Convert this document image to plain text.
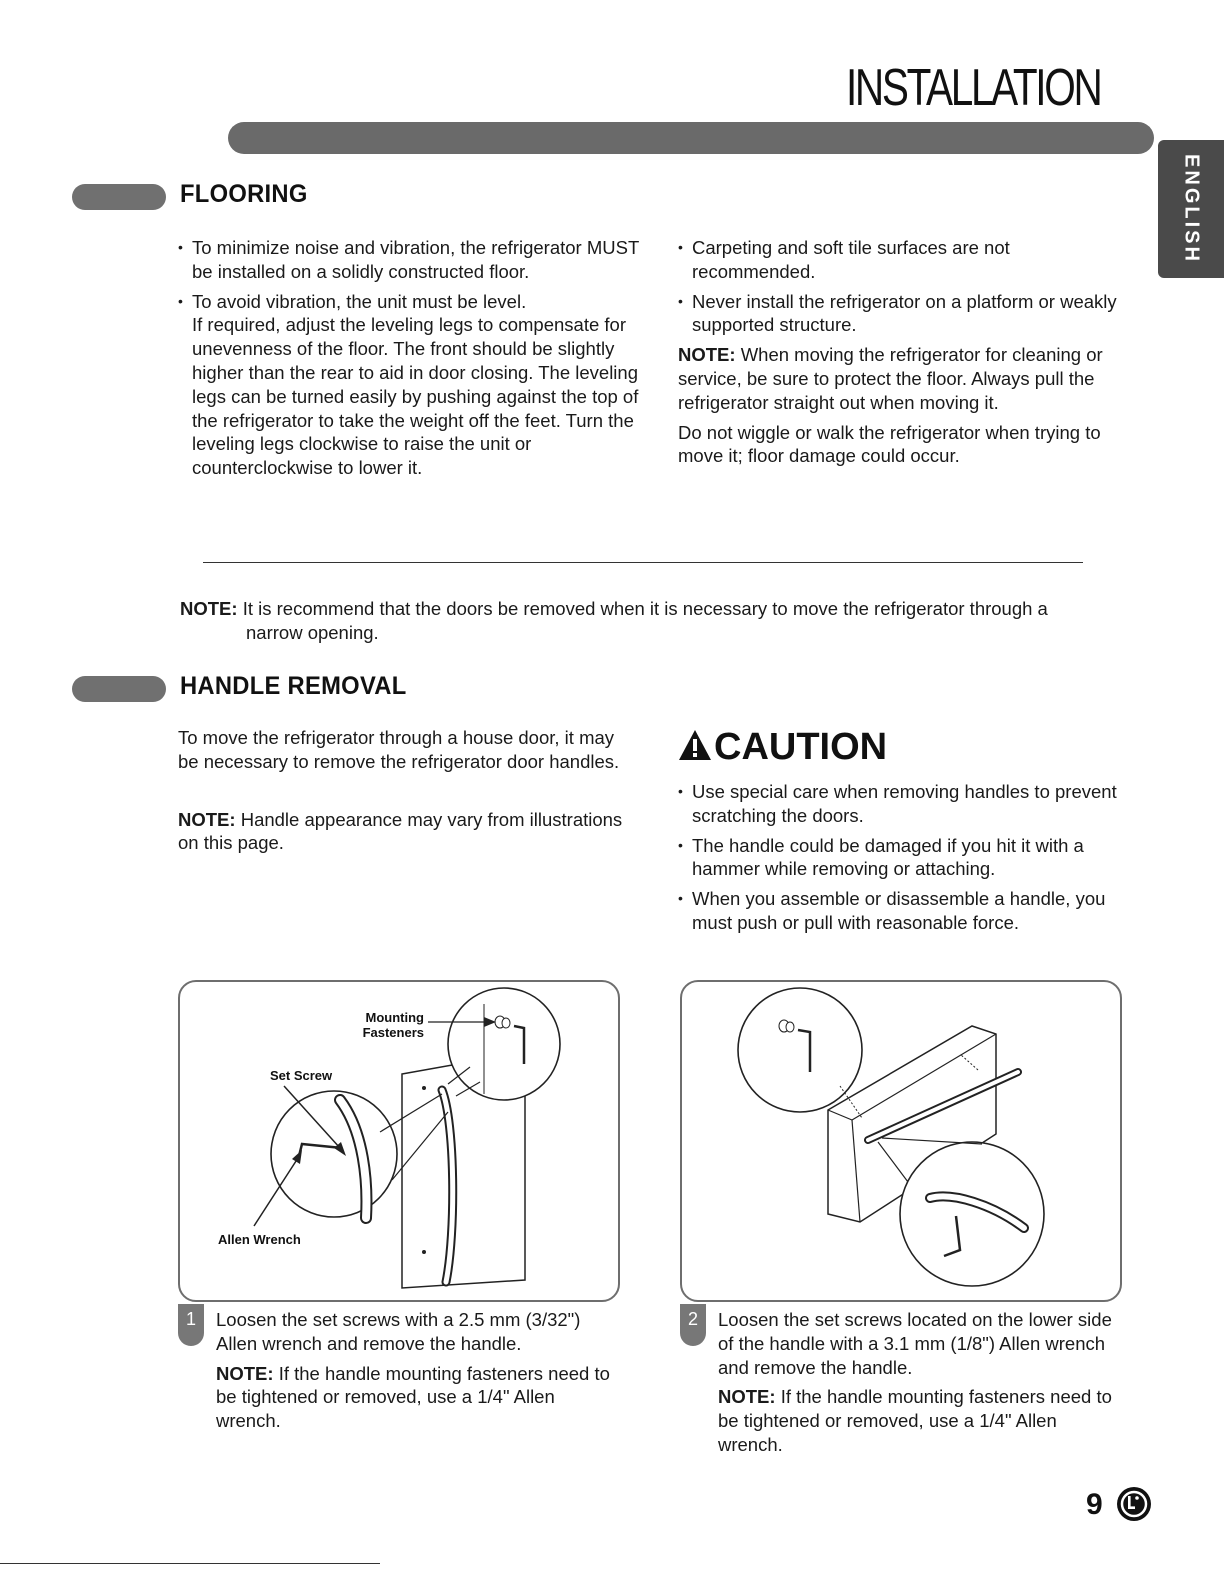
INSTALLATION
ENGLISH
FLOORING
• To minimize noise and vibration, the refrigerator MUST be installed on a solidly constructed floor.
• To avoid vibration, the unit must be level.
If required, adjust the leveling legs to compensate for unevenness of the floor. The front should be slightly higher than the rear to aid in door closing. The leveling legs can be turned easily by pushing against the top of the refrigerator to take the weight off the feet. Turn the leveling legs clockwise to raise the unit or counterclockwise to lower it.
• Carpeting and soft tile surfaces are not recommended.
• Never install the refrigerator on a platform or weakly supported structure.
NOTE: When moving the refrigerator for cleaning or service, be sure to protect the floor. Always pull the refrigerator straight out when moving it.
Do not wiggle or walk the refrigerator when trying to move it; floor damage could occur.
NOTE: It is recommend that the doors be removed when it is necessary to move the refrigerator through a
narrow opening.
HANDLE REMOVAL
To move the refrigerator through a house door, it may be necessary to remove the refrigerator door handles.
NOTE: Handle appearance may vary from illustrations on this page.
CAUTION
• Use special care when removing handles to prevent scratching the doors.
• The handle could be damaged if you hit it with a hammer while removing or attaching.
• When you assemble or disassemble a handle, you must push or pull with reasonable force.
Mounting
Fasteners
Set Screw
Allen Wrench
1	Loosen the set screws with a 2.5 mm (3/32") Allen wrench and remove the handle.
NOTE: If the handle mounting fasteners need to be tightened or removed, use a 1/4" Allen wrench.
2	Loosen the set screws located on the lower side of the handle with a 3.1 mm (1/8") Allen wrench and remove the handle.
NOTE: If the handle mounting fasteners need to be tightened or removed, use a 1/4" Allen wrench.
9
